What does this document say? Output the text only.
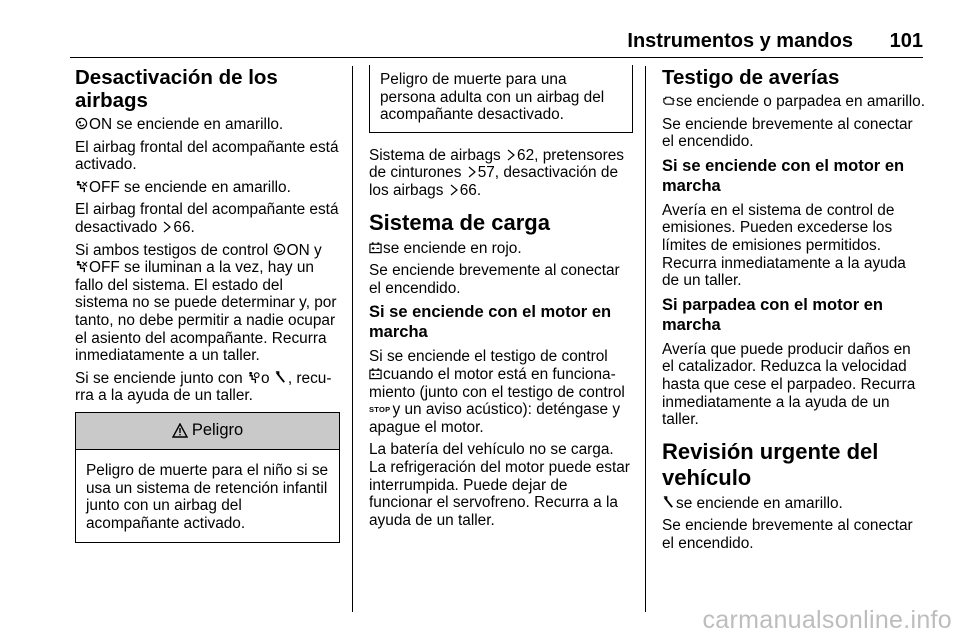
Instrumentos y mandos 101
Desactivación de los airbags

ON se enciende en amarillo.

El airbag frontal del acompañante está activado.

OFF se enciende en amarillo.

El airbag frontal del acompañante está desactivado 66.

Si ambos testigos de control ON y

OFF se iluminan a la vez, hay un fallo del sistema. El estado del sistema no se puede determinar y, por tanto, no debe permitir a nadie ocupar el asiento del acompañante. Recurra inmediatamente a un taller.

Si se enciende junto con o , recurra a la ayuda de un taller.

Peligro
Peligro de muerte para el niño si se usa un sistema de retención infantil junto con un airbag del acompañante activado.
Peligro de muerte para una persona adulta con un airbag del acompañante desactivado.

Sistema de airbags 62, pretensores de cinturones 57, desactivación de los airbags 66.

Sistema de carga

se enciende en rojo.

Se enciende brevemente al conectar el encendido.

Si se enciende con el motor en marcha

Si se enciende el testigo de control

cuando el motor está en funcionamiento (junto con el testigo de control
STOP y un aviso acústico): deténgase y apague el motor.

La batería del vehículo no se carga. La refrigeración del motor puede estar interrumpida. Puede dejar de funcionar el servofreno. Recurra a la ayuda de un taller.

Testigo de averías

se enciende o parpadea en amarillo.

Se enciende brevemente al conectar el encendido.

Si se enciende con el motor en marcha

Avería en el sistema de control de emisiones. Pueden excederse los límites de emisiones permitidos. Recurra inmediatamente a la ayuda de un taller.

Si parpadea con el motor en marcha

Avería que puede producir daños en el catalizador. Reduzca la velocidad hasta que cese el parpadeo. Recurra inmediatamente a la ayuda de un taller.

Revisión urgente del vehículo

se enciende en amarillo.

Se enciende brevemente al conectar el encendido.

carmanualsonline.info
